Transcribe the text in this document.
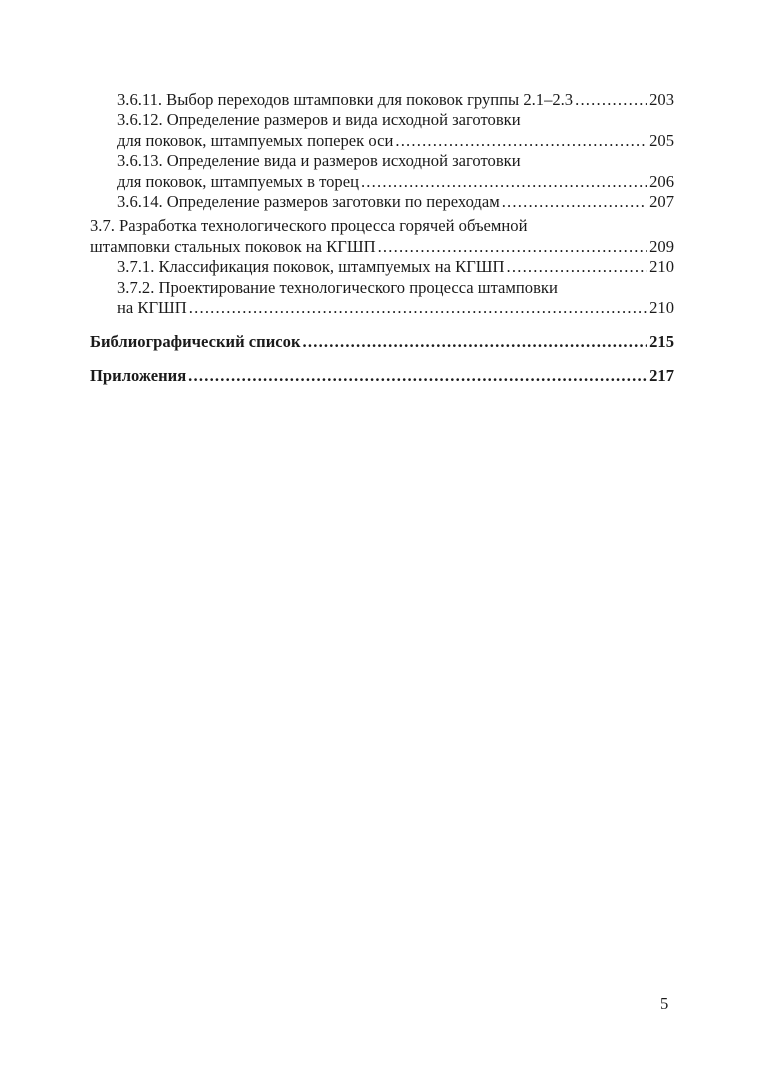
3.6.11. Выбор переходов штамповки для поковок группы 2.1–2.3 .....	203
3.6.12. Определение размеров и вида исходной заготовки
для поковок, штампуемых поперек оси .....	205
3.6.13. Определение вида и размеров исходной заготовки
для поковок, штампуемых в торец .....	206
3.6.14. Определение размеров заготовки по переходам .....	207
3.7. Разработка технологического процесса горячей объемной
штамповки стальных поковок на КГШП .....	209
3.7.1. Классификация поковок, штампуемых на КГШП .....	210
3.7.2. Проектирование технологического процесса штамповки
на КГШП .....	210
Библиографический список .....	215
Приложения .....	217
5
